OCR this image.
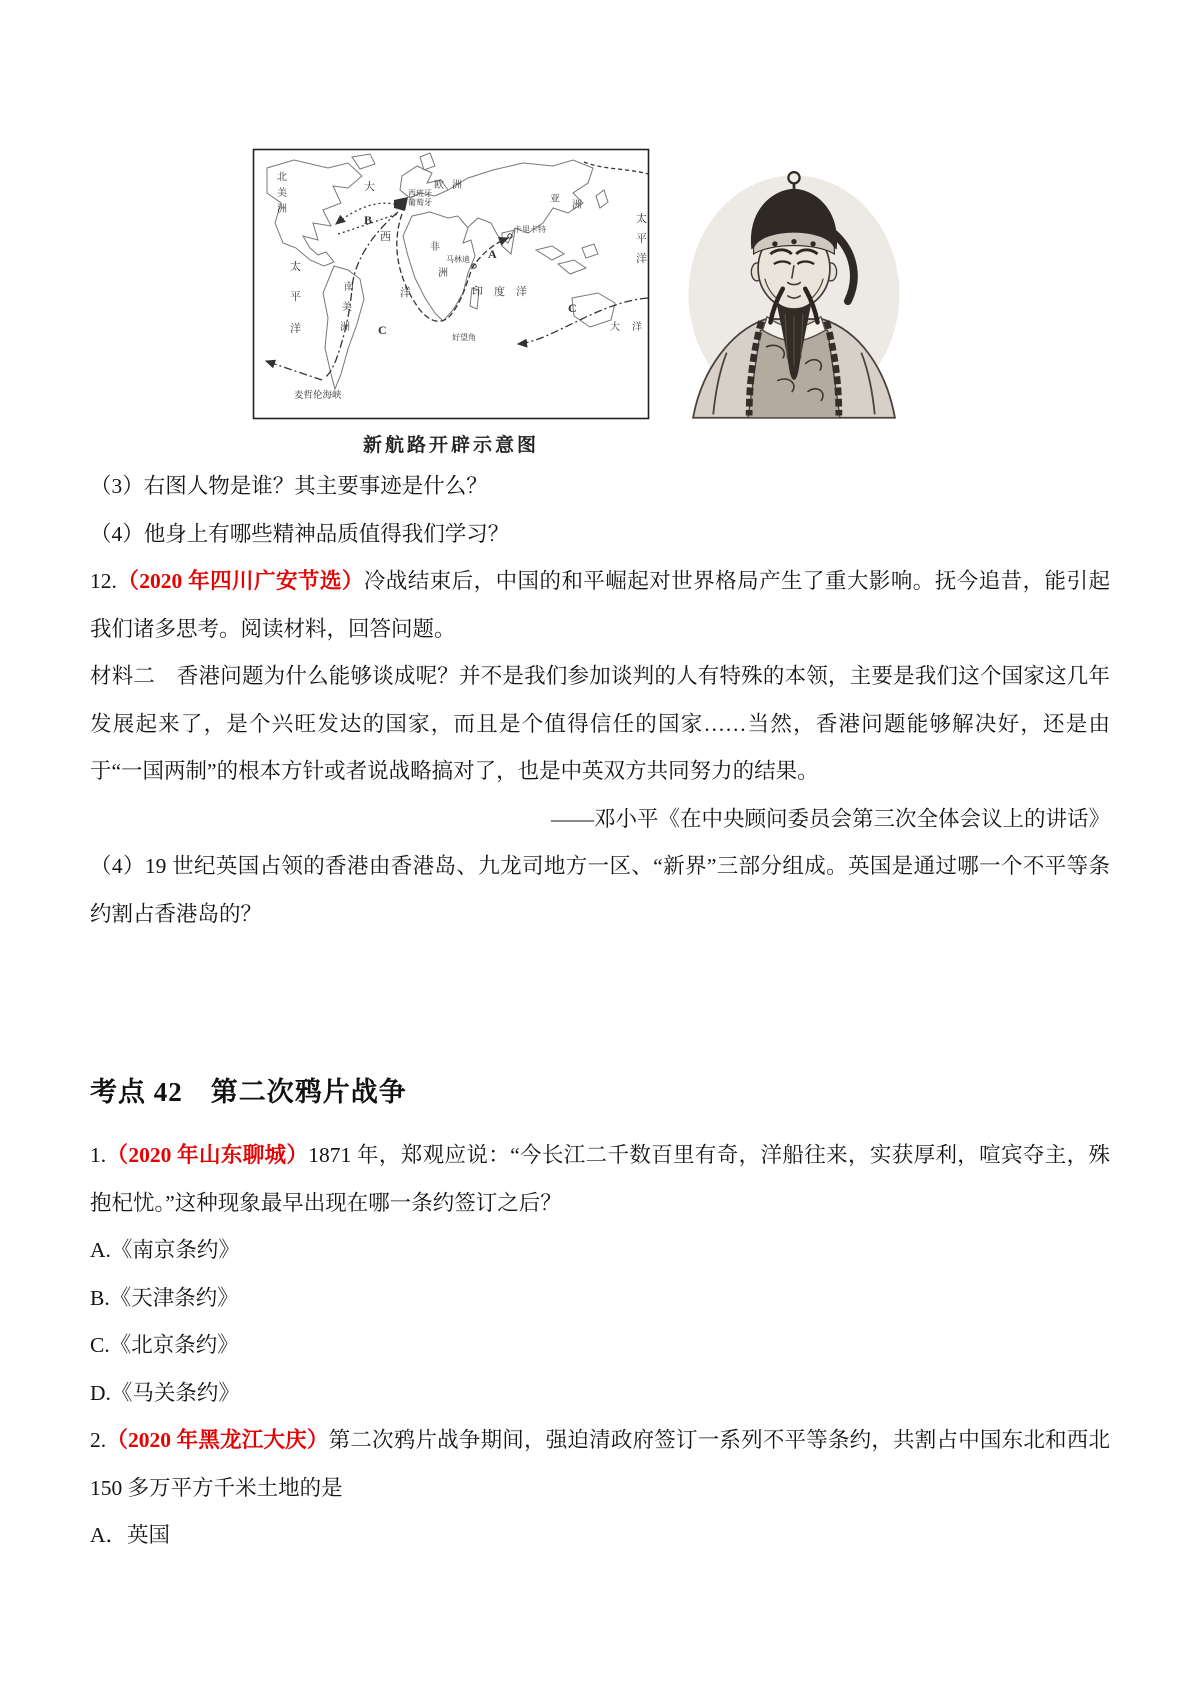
大
西
洋
太
平
洋
太
平
洋
印 度 洋
北
美
洲
南
美
洲
欧洲
亚
洲
非
洲
大 洋
西班牙
葡萄牙
马林迪
卡里卡特
好望角
麦哲伦海峡
B
A
C
C
新航路开辟示意图

（3）右图人物是谁？其主要事迹是什么？

（4）他身上有哪些精神品质值得我们学习？

12.（2020 年四川广安节选）冷战结束后，中国的和平崛起对世界格局产生了重大影响。抚今追昔，能引起我们诸多思考。阅读材料，回答问题。

材料二　香港问题为什么能够谈成呢？并不是我们参加谈判的人有特殊的本领，主要是我们这个国家这几年发展起来了，是个兴旺发达的国家，而且是个值得信任的国家……当然，香港问题能够解决好，还是由于“一国两制”的根本方针或者说战略搞对了，也是中英双方共同努力的结果。

——邓小平《在中央顾问委员会第三次全体会议上的讲话》

（4）19 世纪英国占领的香港由香港岛、九龙司地方一区、“新界”三部分组成。英国是通过哪一个不平等条约割占香港岛的？

考点 42　第二次鸦片战争

1.（2020 年山东聊城）1871 年，郑观应说：“今长江二千数百里有奇，洋船往来，实获厚利，喧宾夺主，殊抱杞忧。”这种现象最早出现在哪一条约签订之后？

A.《南京条约》

B.《天津条约》

C.《北京条约》

D.《马关条约》

2.（2020 年黑龙江大庆）第二次鸦片战争期间，强迫清政府签订一系列不平等条约，共割占中国东北和西北 150 多万平方千米土地的是

A．英国
